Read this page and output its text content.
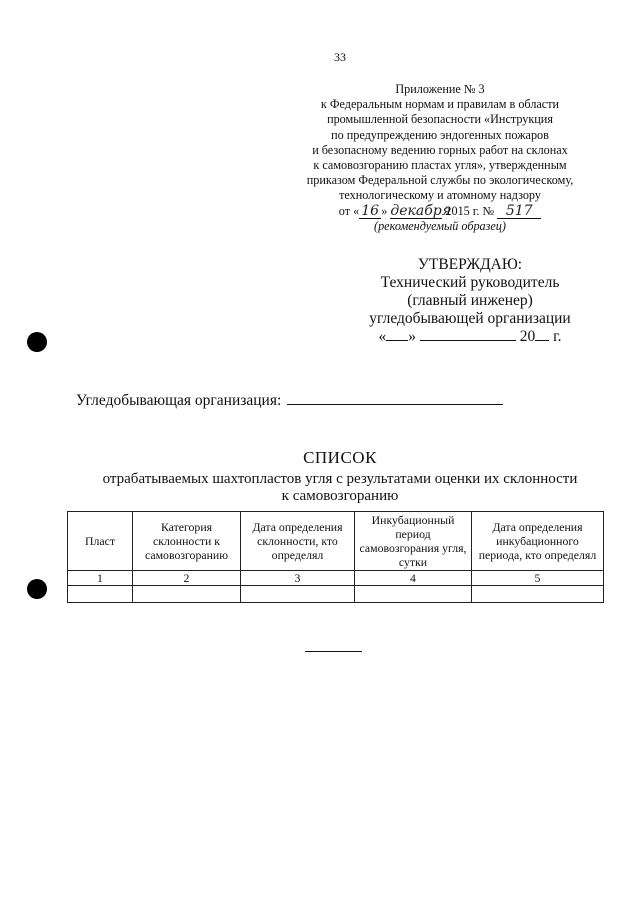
33
Приложение № 3
к Федеральным нормам и правилам в области
промышленной безопасности «Инструкция
по предупреждению эндогенных пожаров
и безопасному ведению горных работ на склонах
к самовозгоранию пластах угля», утвержденным
приказом Федеральной службы по экологическому,
технологическому и атомному надзору
от « 16 » декабря 2015 г. № 517
(рекомендуемый образец)
УТВЕРЖДАЮ:
Технический руководитель
(главный инженер)
угледобывающей организации
« »	20 г.
Угледобывающая организация:
СПИСОК
отрабатываемых шахтопластов угля с результатами оценки их склонности
к самовозгоранию
Пласт	Категория склонности к самовозгоранию	Дата определения склонности, кто определял	Инкубационный период самовозгорания угля, сутки	Дата определения инкубационного периода, кто определял
1	2	3	4	5
